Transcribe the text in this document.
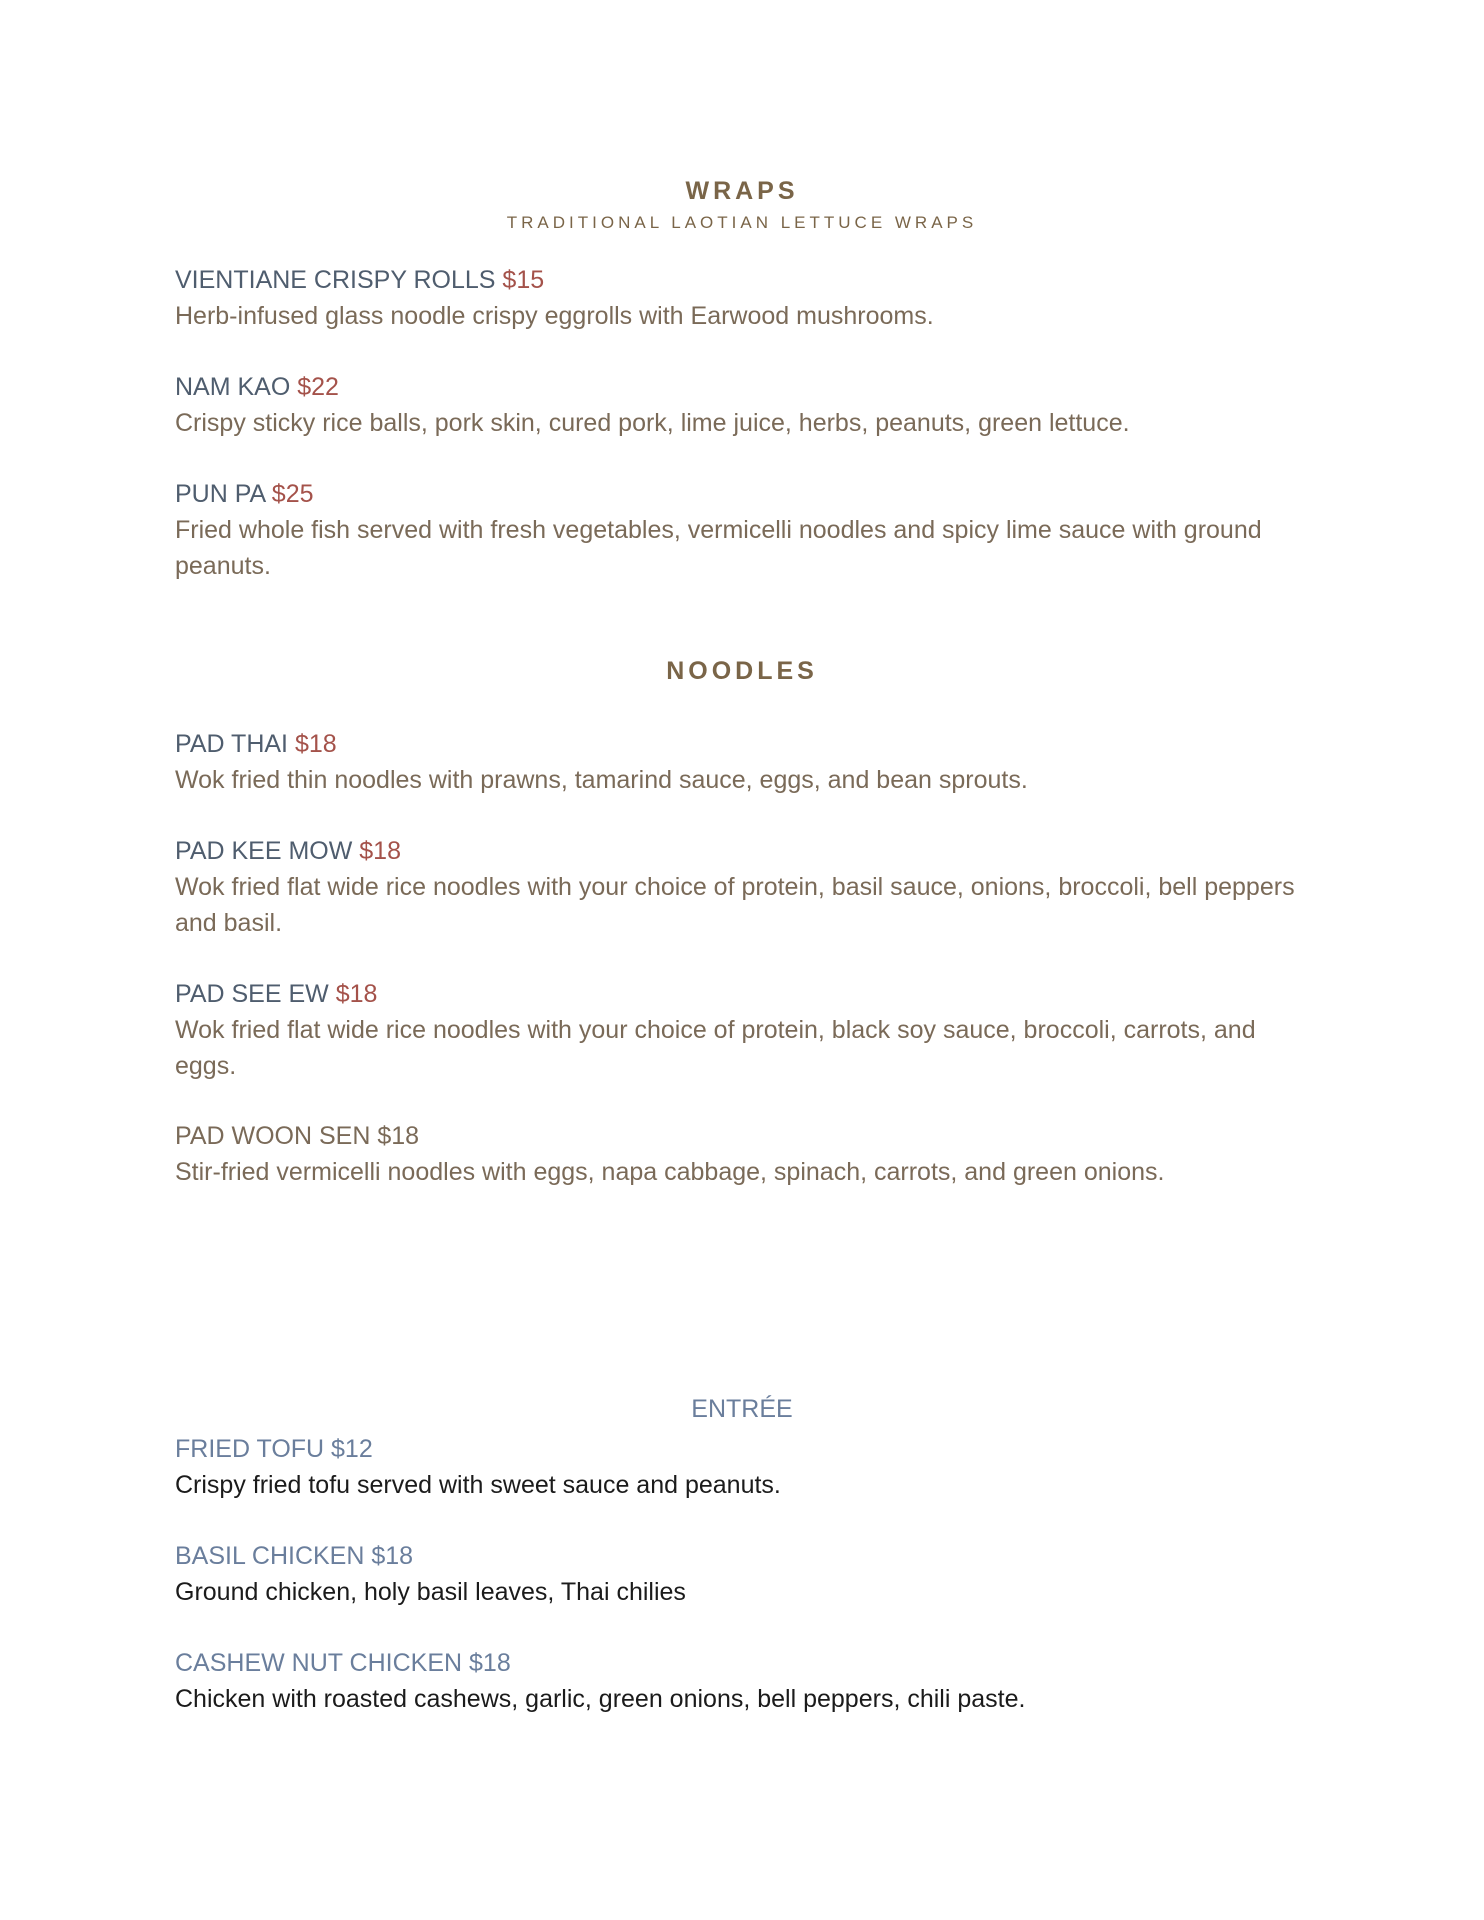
WRAPS
TRADITIONAL LAOTIAN LETTUCE WRAPS
VIENTIANE CRISPY ROLLS $15
Herb-infused glass noodle crispy eggrolls with Earwood mushrooms.
NAM KAO $22
Crispy sticky rice balls, pork skin, cured pork, lime juice, herbs, peanuts, green lettuce.
PUN PA $25
Fried whole fish served with fresh vegetables, vermicelli noodles and spicy lime sauce with ground peanuts.
NOODLES
PAD THAI $18
Wok fried thin noodles with prawns, tamarind sauce, eggs, and bean sprouts.
PAD KEE MOW $18
Wok fried flat wide rice noodles with your choice of protein, basil sauce, onions, broccoli, bell peppers and basil.
PAD SEE EW $18
Wok fried flat wide rice noodles with your choice of protein, black soy sauce, broccoli, carrots, and eggs.
PAD WOON SEN $18
Stir-fried vermicelli noodles with eggs, napa cabbage, spinach, carrots, and green onions.
ENTRÉE
FRIED TOFU $12
Crispy fried tofu served with sweet sauce and peanuts.
BASIL CHICKEN $18
Ground chicken, holy basil leaves, Thai chilies
CASHEW NUT CHICKEN $18
Chicken with roasted cashews, garlic, green onions, bell peppers, chili paste.
